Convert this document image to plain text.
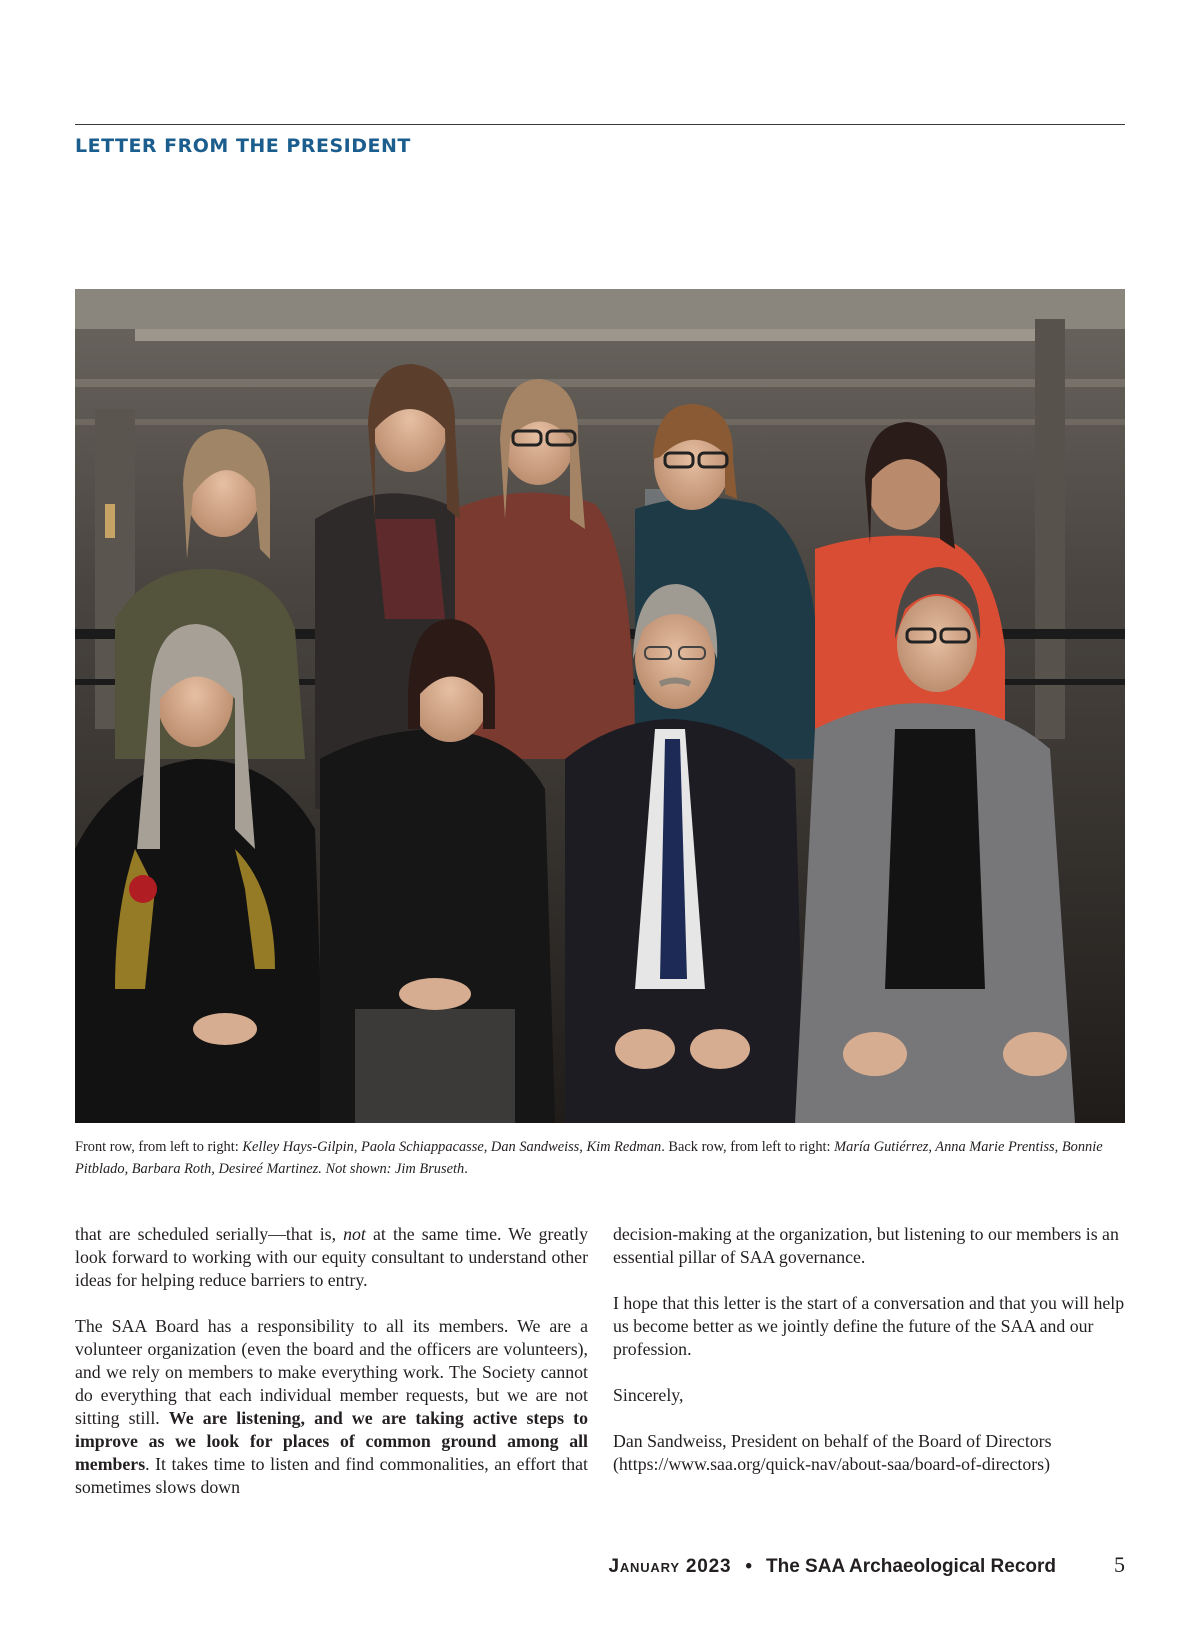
LETTER FROM THE PRESIDENT
Front row, from left to right: Kelley Hays-Gilpin, Paola Schiappacasse, Dan Sandweiss, Kim Redman. Back row, from left to right: María Gutiérrez, Anna Marie Prentiss, Bonnie Pitblado, Barbara Roth, Desireé Martinez. Not shown: Jim Bruseth.

that are scheduled serially—that is, not at the same time. We greatly look forward to working with our equity consultant to understand other ideas for helping reduce barriers to entry.

The SAA Board has a responsibility to all its members. We are a volunteer organization (even the board and the officers are volunteers), and we rely on members to make everything work. The Society cannot do everything that each individual member requests, but we are not sitting still. We are listening, and we are taking active steps to improve as we look for places of common ground among all members. It takes time to listen and find commonalities, an effort that sometimes slows down

decision-making at the organization, but listening to our members is an essential pillar of SAA governance.

I hope that this letter is the start of a conversation and that you will help us become better as we jointly define the future of the SAA and our profession.

Sincerely,

Dan Sandweiss, President on behalf of the Board of Directors (https://www.saa.org/quick-nav/about-saa/board-of-directors)

January 2023 • The SAA Archaeological Record	5
